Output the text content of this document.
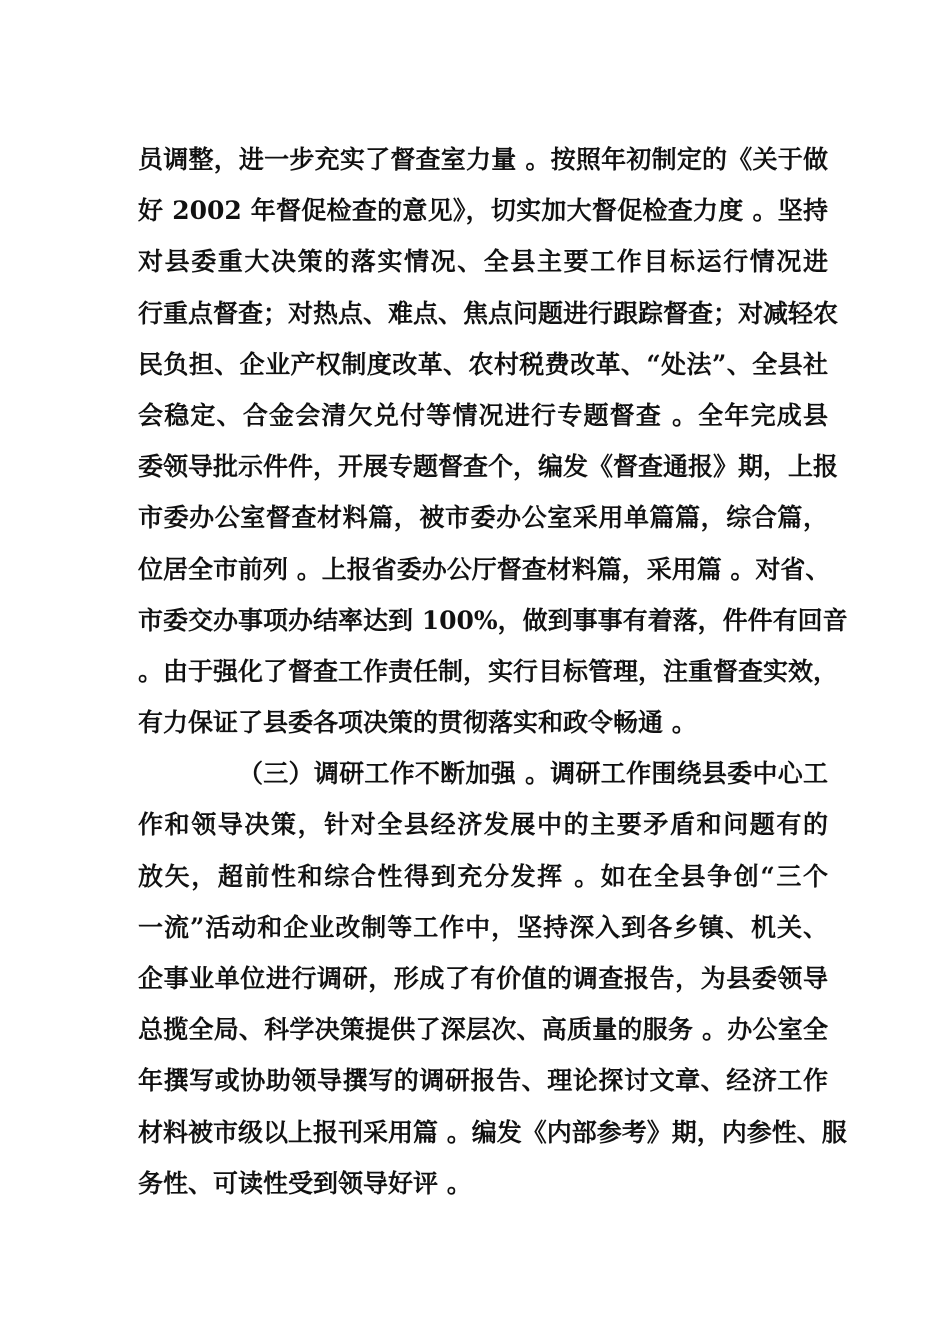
员调整，进一步充实了督查室力量 。按照年初制定的《关于做
好 2002 年督促检查的意见》，切实加大督促检查力度 。坚持
对县委重大决策的落实情况、全县主要工作目标运行情况进
行重点督查；对热点、难点、焦点问题进行跟踪督查；对减轻农
民负担、企业产权制度改革、农村税费改革、“处法”、全县社
会稳定、合金会清欠兑付等情况进行专题督查 。全年完成县
委领导批示件件，开展专题督查个，编发《督查通报》期，上报
市委办公室督查材料篇，被市委办公室采用单篇篇，综合篇，
位居全市前列 。上报省委办公厅督查材料篇，采用篇 。对省、
市委交办事项办结率达到 100%，做到事事有着落，件件有回音
。由于强化了督查工作责任制，实行目标管理，注重督查实效，
有力保证了县委各项决策的贯彻落实和政令畅通 。
（三）调研工作不断加强 。调研工作围绕县委中心工
作和领导决策，针对全县经济发展中的主要矛盾和问题有的
放矢，超前性和综合性得到充分发挥 。如在全县争创“三个
一流”活动和企业改制等工作中，坚持深入到各乡镇、机关、
企事业单位进行调研，形成了有价值的调查报告，为县委领导
总揽全局、科学决策提供了深层次、高质量的服务 。办公室全
年撰写或协助领导撰写的调研报告、理论探讨文章、经济工作
材料被市级以上报刊采用篇 。编发《内部参考》期，内参性、服
务性、可读性受到领导好评 。
